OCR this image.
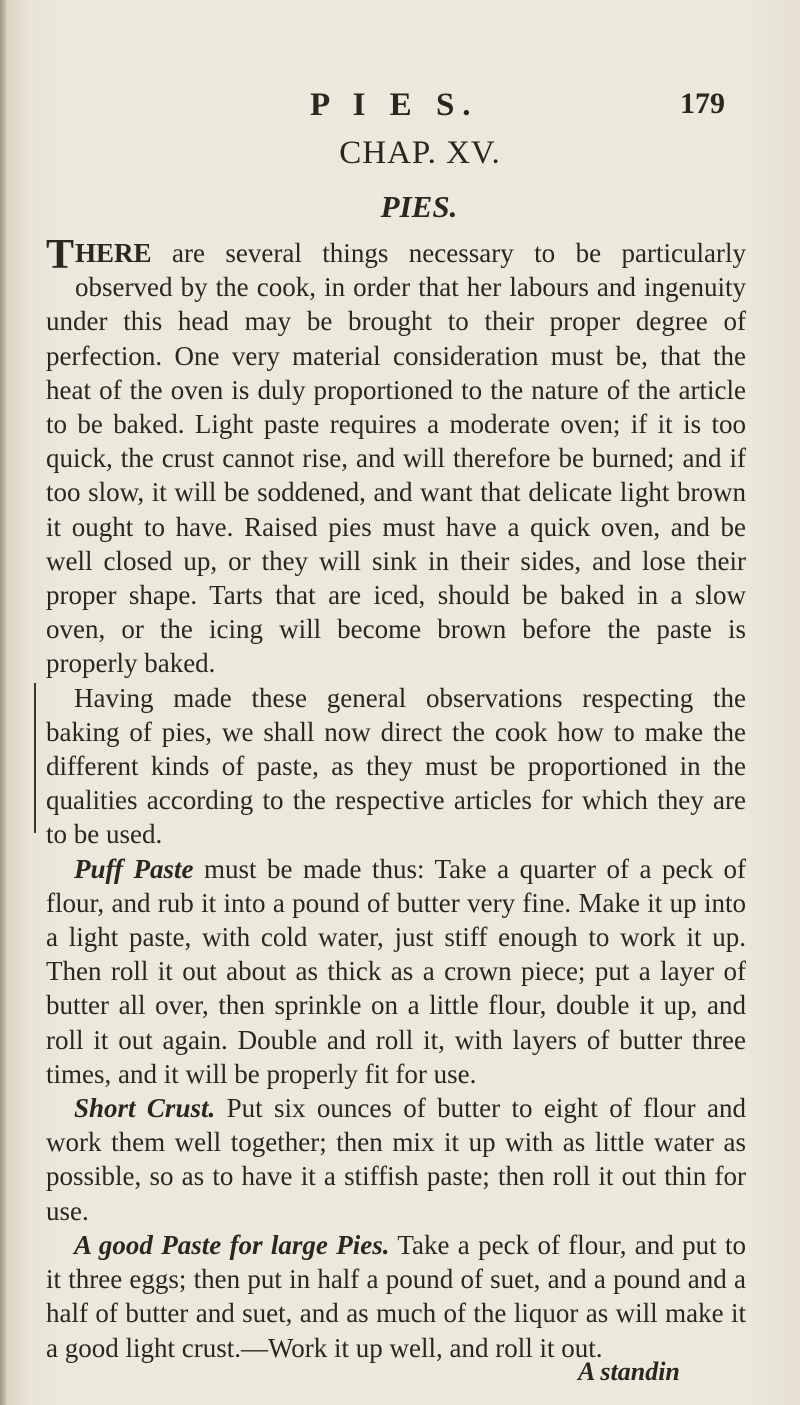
P I E S.	179
CHAP. XV.
PIES.

THERE are several things necessary to be particularly observed by the cook, in order that her labours and ingenuity under this head may be brought to their proper degree of perfection. One very material consideration must be, that the heat of the oven is duly proportioned to the nature of the article to be baked. Light paste requires a moderate oven; if it is too quick, the crust cannot rise, and will therefore be burned; and if too slow, it will be soddened, and want that delicate light brown it ought to have. Raised pies must have a quick oven, and be well closed up, or they will sink in their sides, and lose their proper shape. Tarts that are iced, should be baked in a slow oven, or the icing will become brown before the paste is properly baked.

Having made these general observations respecting the baking of pies, we shall now direct the cook how to make the different kinds of paste, as they must be proportioned in the qualities according to the respective articles for which they are to be used.

Puff Paste must be made thus: Take a quarter of a peck of flour, and rub it into a pound of butter very fine. Make it up into a light paste, with cold water, just stiff enough to work it up. Then roll it out about as thick as a crown piece; put a layer of butter all over, then sprinkle on a little flour, double it up, and roll it out again. Double and roll it, with layers of butter three times, and it will be properly fit for use.

Short Crust. Put six ounces of butter to eight of flour and work them well together; then mix it up with as little water as possible, so as to have it a stiffish paste; then roll it out thin for use.

A good Paste for large Pies. Take a peck of flour, and put to it three eggs; then put in half a pound of suet, and a pound and a half of butter and suet, and as much of the liquor as will make it a good light crust.—Work it up well, and roll it out.

A standin
